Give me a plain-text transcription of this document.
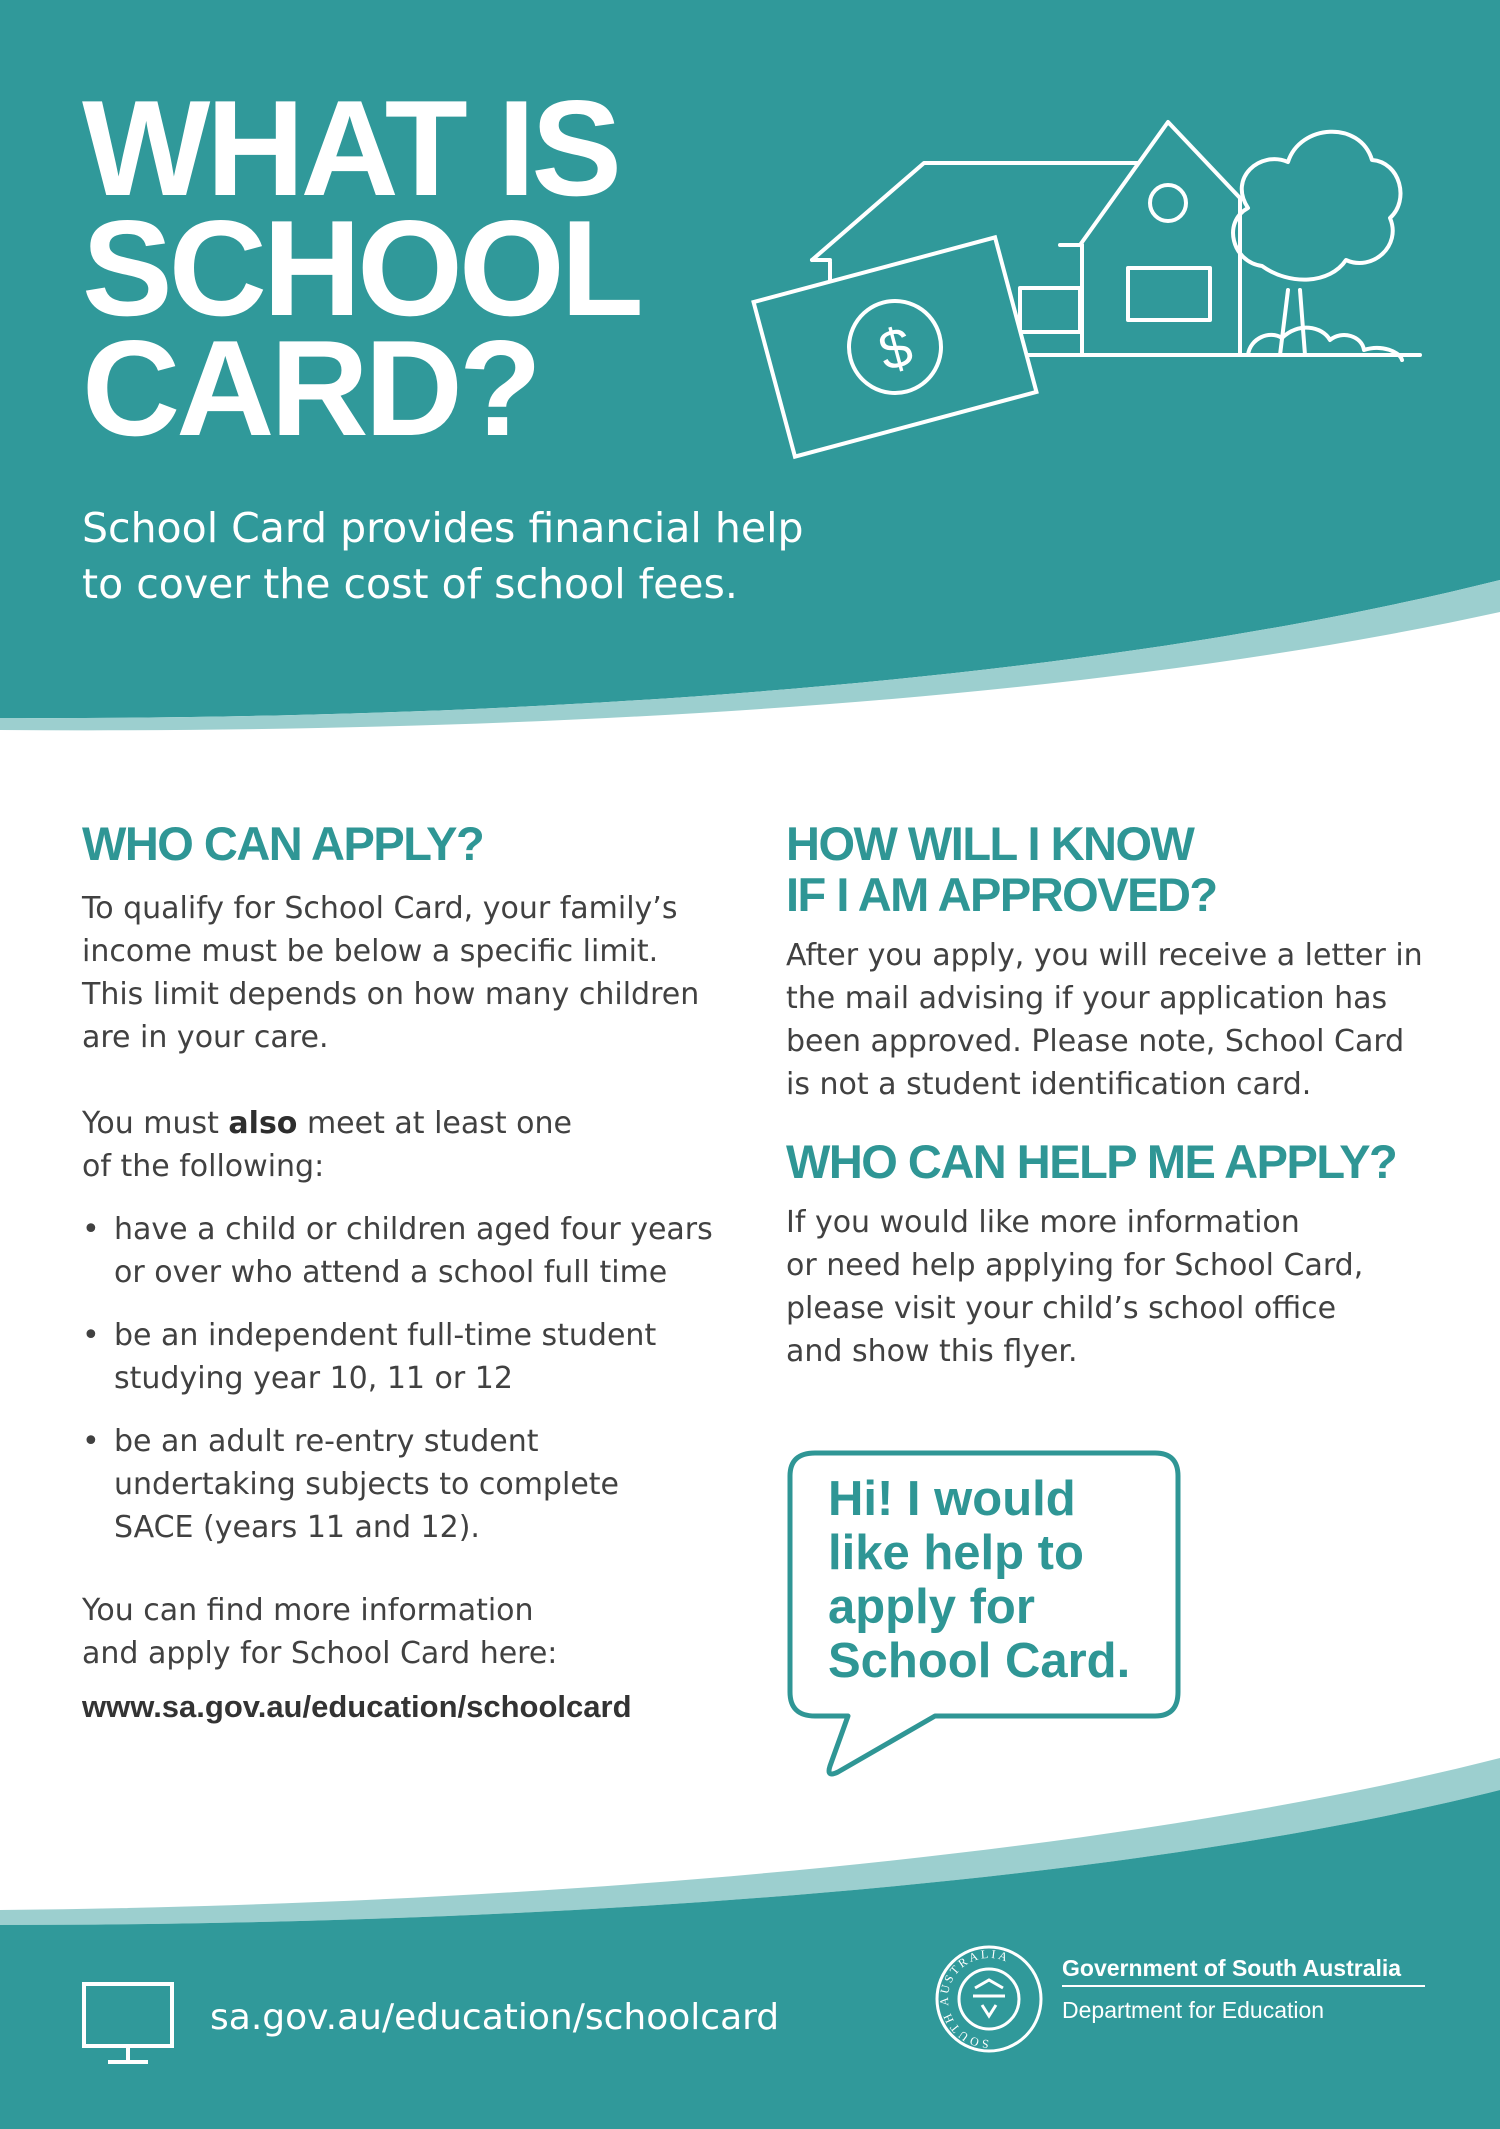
$
SOUTH AUSTRALIA
WHAT IS
SCHOOL
CARD?

School Card provides financial help
to cover the cost of school fees.

WHO CAN APPLY?

To qualify for School Card, your family’s
income must be below a specific limit.
This limit depends on how many children
are in your care.

You must also meet at least one
of the following:

• have a child or children aged four years
or over who attend a school full time
• be an independent full-time student
studying year 10, 11 or 12
• be an adult re-entry student
undertaking subjects to complete
SACE (years 11 and 12).

You can find more information
and apply for School Card here:

www.sa.gov.au/education/schoolcard

HOW WILL I KNOW
IF I AM APPROVED?

After you apply, you will receive a letter in
the mail advising if your application has
been approved. Please note, School Card
is not a student identification card.

WHO CAN HELP ME APPLY?

If you would like more information
or need help applying for School Card,
please visit your child’s school office
and show this flyer.

Hi! I would
like help to
apply for
School Card.

sa.gov.au/education/schoolcard

Government of South Australia

Department for Education
